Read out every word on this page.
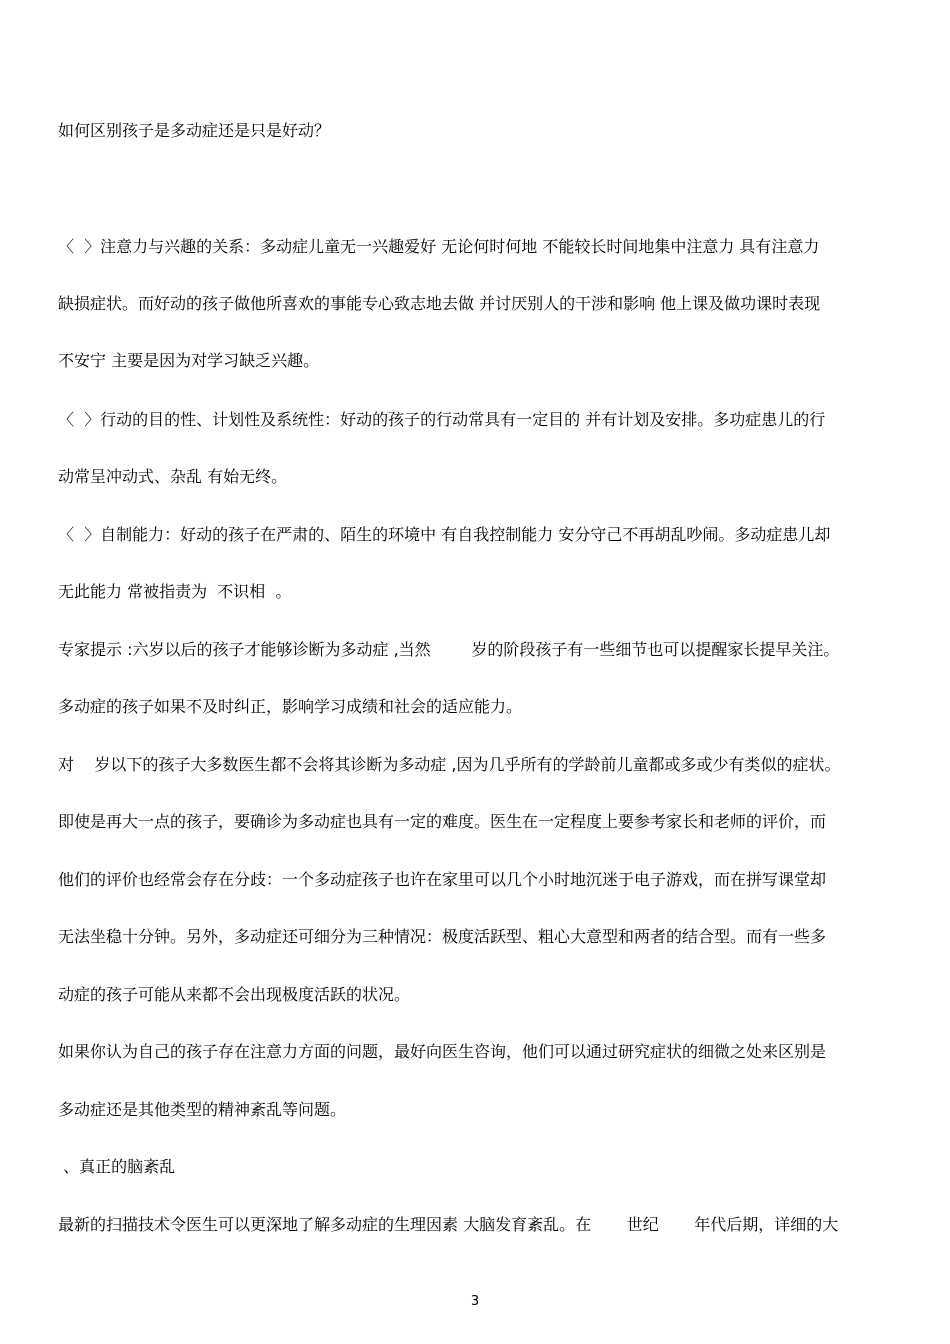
如何区别孩子是多动症还是只是好动？
〈  〉注意力与兴趣的关系：多动症儿童无一兴趣爱好 无论何时何地 不能较长时间地集中注意力 具有注意力
缺损症状。而好动的孩子做他所喜欢的事能专心致志地去做 并讨厌别人的干涉和影响 他上课及做功课时表现
不安宁 主要是因为对学习缺乏兴趣。
〈  〉行动的目的性、计划性及系统性：好动的孩子的行动常具有一定目的 并有计划及安排。多功症患儿的行
动常呈冲动式、杂乱 有始无终。
〈  〉自制能力：好动的孩子在严肃的、陌生的环境中 有自我控制能力 安分守己不再胡乱吵闹。多动症患儿却
无此能力 常被指责为  不识相  。
专家提示 :六岁以后的孩子才能够诊断为多动症 ,当然        岁的阶段孩子有一些细节也可以提醒家长提早关注。
多动症的孩子如果不及时纠正，影响学习成绩和社会的适应能力。
对    岁以下的孩子大多数医生都不会将其诊断为多动症 ,因为几乎所有的学龄前儿童都或多或少有类似的症状。
即使是再大一点的孩子，要确诊为多动症也具有一定的难度。医生在一定程度上要参考家长和老师的评价，而
他们的评价也经常会存在分歧：一个多动症孩子也许在家里可以几个小时地沉迷于电子游戏，而在拼写课堂却
无法坐稳十分钟。另外，多动症还可细分为三种情况：极度活跃型、粗心大意型和两者的结合型。而有一些多
动症的孩子可能从来都不会出现极度活跃的状况。
如果你认为自己的孩子存在注意力方面的问题，最好向医生咨询，他们可以通过研究症状的细微之处来区别是
多动症还是其他类型的精神紊乱等问题。
、真正的脑紊乱
最新的扫描技术令医生可以更深地了解多动症的生理因素 大脑发育紊乱。在       世纪       年代后期，详细的大
3
